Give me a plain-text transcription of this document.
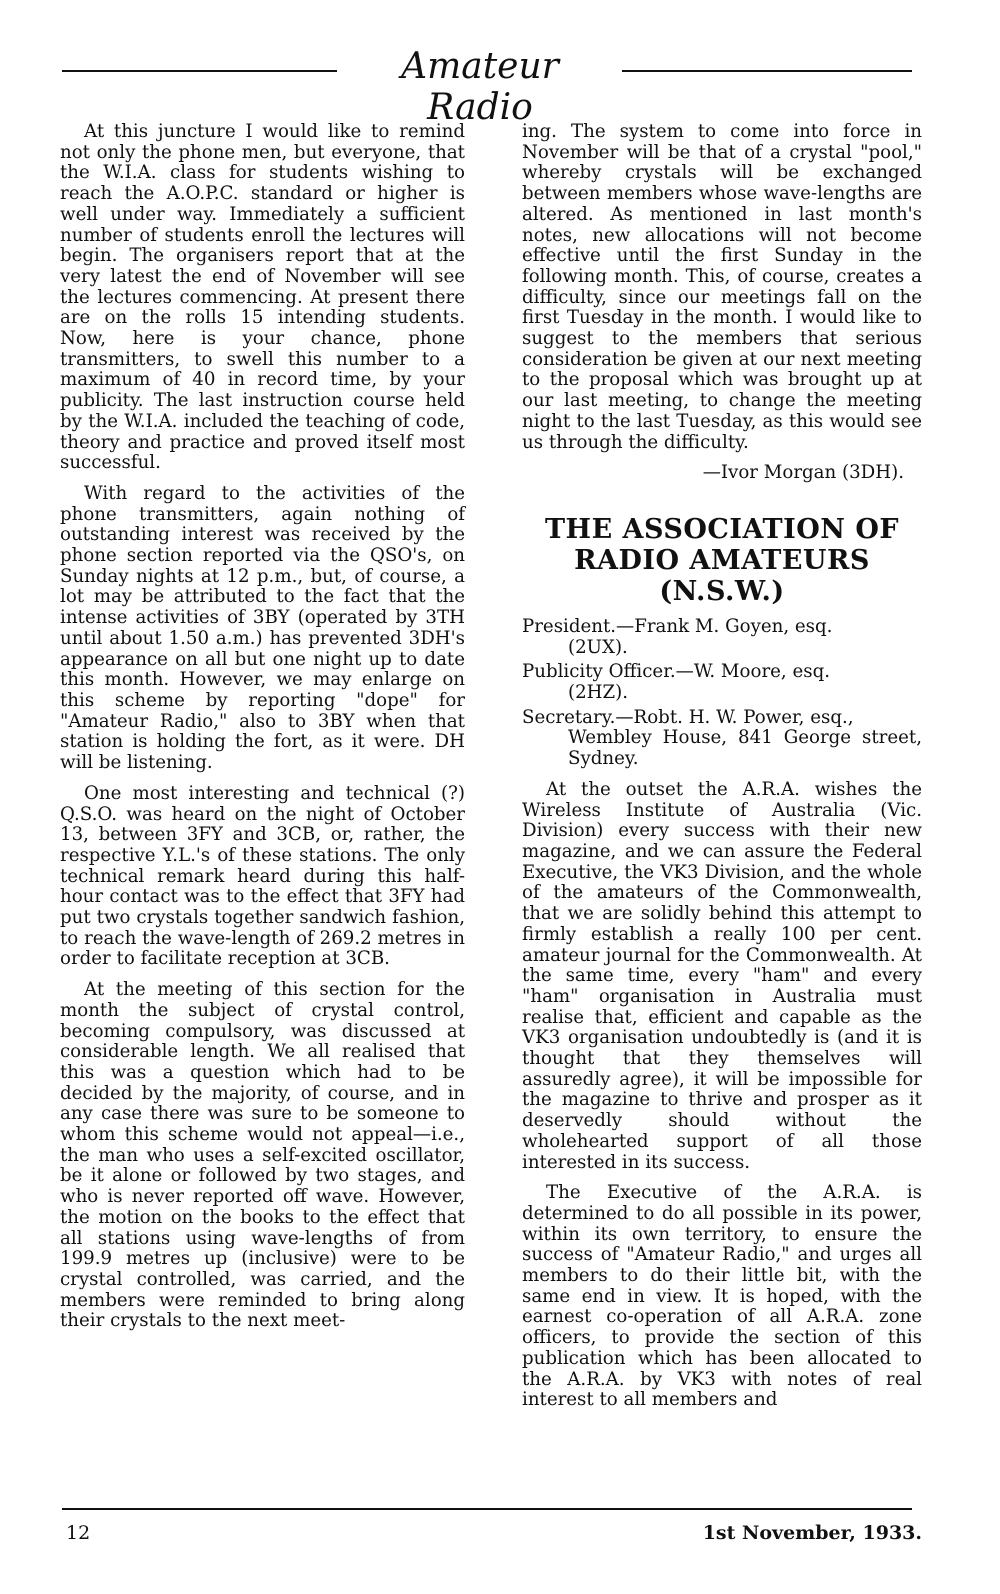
Amateur Radio

At this juncture I would like to remind not only the phone men, but everyone, that the W.I.A. class for students wishing to reach the A.O.P.C. standard or higher is well under way. Immediately a sufficient number of students enroll the lectures will begin. The organisers report that at the very latest the end of November will see the lectures commencing. At present there are on the rolls 15 intending students. Now, here is your chance, phone transmitters, to swell this number to a maximum of 40 in record time, by your publicity. The last instruction course held by the W.I.A. included the teaching of code, theory and practice and proved itself most successful.

With regard to the activities of the phone transmitters, again nothing of outstanding interest was received by the phone section reported via the QSO's, on Sunday nights at 12 p.m., but, of course, a lot may be attributed to the fact that the intense activities of 3BY (operated by 3TH until about 1.50 a.m.) has prevented 3DH's appearance on all but one night up to date this month. However, we may enlarge on this scheme by reporting "dope" for "Amateur Radio," also to 3BY when that station is holding the fort, as it were. DH will be listening.

One most interesting and technical (?) Q.S.O. was heard on the night of October 13, between 3FY and 3CB, or, rather, the respective Y.L.'s of these stations. The only technical remark heard during this half-hour contact was to the effect that 3FY had put two crystals together sandwich fashion, to reach the wave-length of 269.2 metres in order to facilitate reception at 3CB.

At the meeting of this section for the month the subject of crystal control, becoming compulsory, was discussed at considerable length. We all realised that this was a question which had to be decided by the majority, of course, and in any case there was sure to be someone to whom this scheme would not appeal—i.e., the man who uses a self-excited oscillator, be it alone or followed by two stages, and who is never reported off wave. However, the motion on the books to the effect that all stations using wave-lengths of from 199.9 metres up (inclusive) were to be crystal controlled, was carried, and the members were reminded to bring along their crystals to the next meet-

ing. The system to come into force in November will be that of a crystal "pool," whereby crystals will be exchanged between members whose wave-lengths are altered. As mentioned in last month's notes, new allocations will not become effective until the first Sunday in the following month. This, of course, creates a difficulty, since our meetings fall on the first Tuesday in the month. I would like to suggest to the members that serious consideration be given at our next meeting to the proposal which was brought up at our last meeting, to change the meeting night to the last Tuesday, as this would see us through the difficulty.

—Ivor Morgan (3DH).

THE ASSOCIATION OF
RADIO AMATEURS
(N.S.W.)
President.—Frank M. Goyen, esq.
(2UX).
Publicity Officer.—W. Moore, esq.
(2HZ).
Secretary.—Robt. H. W. Power, esq.,
Wembley House, 841 George street, Sydney.

At the outset the A.R.A. wishes the Wireless Institute of Australia (Vic. Division) every success with their new magazine, and we can assure the Federal Executive, the VK3 Division, and the whole of the amateurs of the Commonwealth, that we are solidly behind this attempt to firmly establish a really 100 per cent. amateur journal for the Commonwealth. At the same time, every "ham" and every "ham" organisation in Australia must realise that, efficient and capable as the VK3 organisation undoubtedly is (and it is thought that they themselves will assuredly agree), it will be impossible for the magazine to thrive and prosper as it deservedly should without the wholehearted support of all those interested in its success.

The Executive of the A.R.A. is determined to do all possible in its power, within its own territory, to ensure the success of "Amateur Radio," and urges all members to do their little bit, with the same end in view. It is hoped, with the earnest co-operation of all A.R.A. zone officers, to provide the section of this publication which has been allocated to the A.R.A. by VK3 with notes of real interest to all members and

12	1st November, 1933.
